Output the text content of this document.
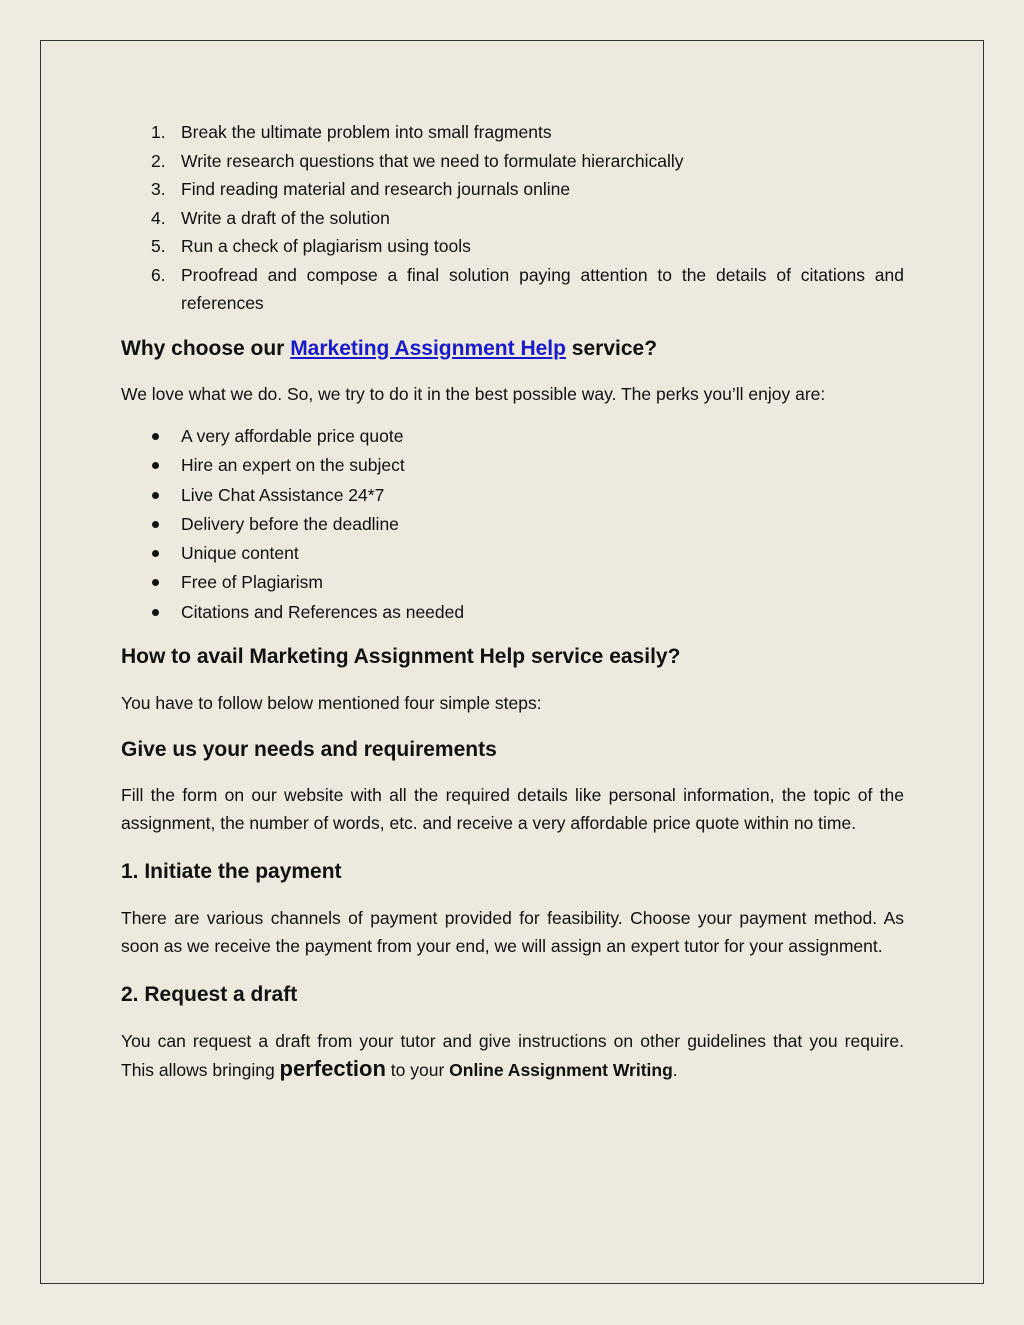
1. Break the ultimate problem into small fragments
2. Write research questions that we need to formulate hierarchically
3. Find reading material and research journals online
4. Write a draft of the solution
5. Run a check of plagiarism using tools
6. Proofread and compose a final solution paying attention to the details of citations and references
Why choose our Marketing Assignment Help service?

We love what we do. So, we try to do it in the best possible way. The perks you’ll enjoy are:

A very affordable price quote
Hire an expert on the subject
Live Chat Assistance 24*7
Delivery before the deadline
Unique content
Free of Plagiarism
Citations and References as needed
How to avail Marketing Assignment Help service easily?

You have to follow below mentioned four simple steps:

Give us your needs and requirements

Fill the form on our website with all the required details like personal information, the topic of the assignment, the number of words, etc. and receive a very affordable price quote within no time.

1. Initiate the payment

There are various channels of payment provided for feasibility. Choose your payment method. As soon as we receive the payment from your end, we will assign an expert tutor for your assignment.

2. Request a draft

You can request a draft from your tutor and give instructions on other guidelines that you require. This allows bringing perfection to your Online Assignment Writing.
